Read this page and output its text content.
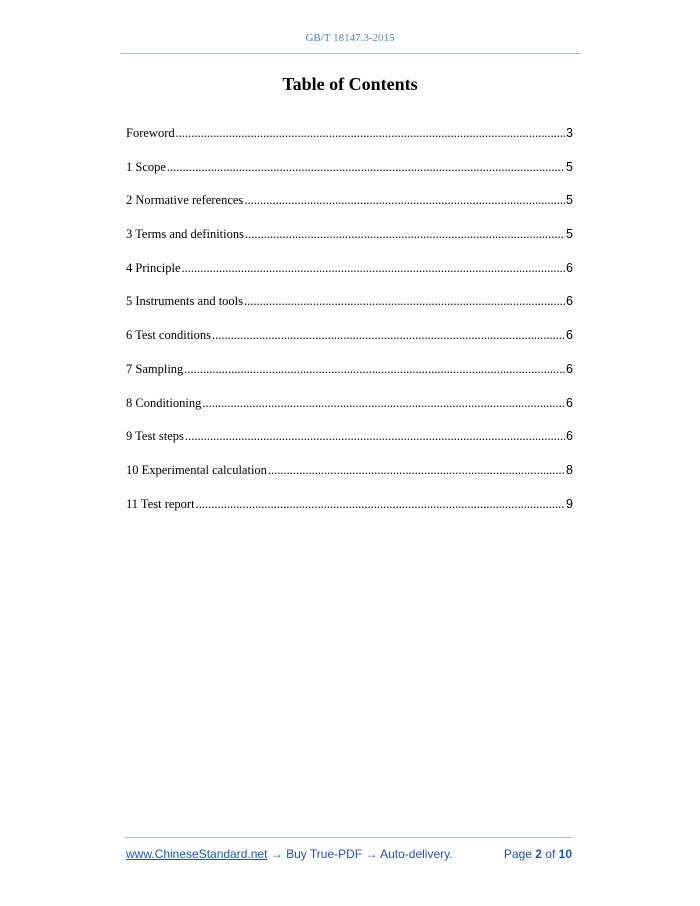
GB/T 18147.3-2015
Table of Contents
Foreword .....	3
1 Scope .....	5
2 Normative references .....	5
3 Terms and definitions .....	5
4 Principle .....	6
5 Instruments and tools .....	6
6 Test conditions .....	6
7 Sampling .....	6
8 Conditioning .....	6
9 Test steps .....	6
10 Experimental calculation .....	8
11 Test report .....	9
www.ChineseStandard.net → Buy True-PDF → Auto-delivery.	Page 2 of 10
